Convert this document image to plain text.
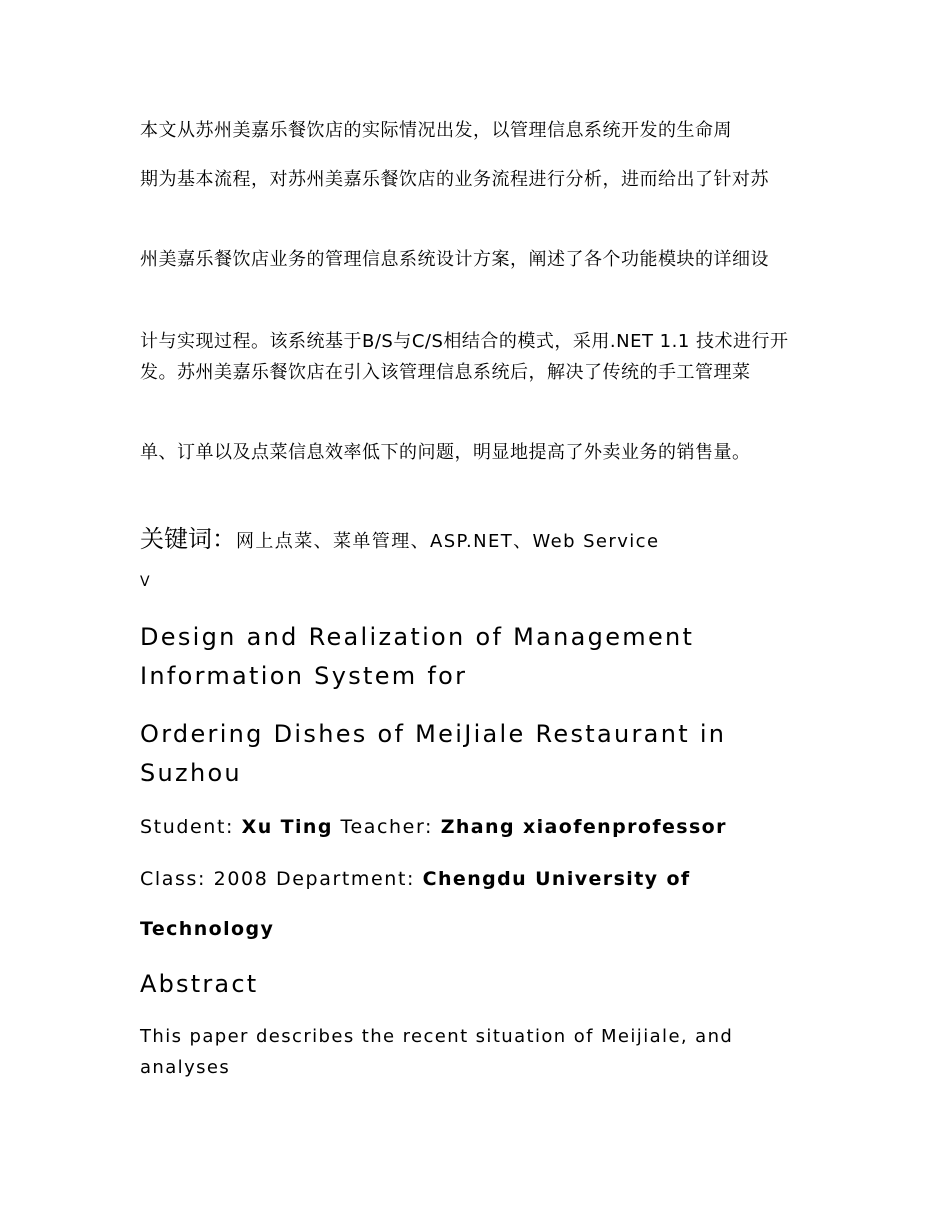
本文从苏州美嘉乐餐饮店的实际情况出发，以管理信息系统开发的生命周

期为基本流程，对苏州美嘉乐餐饮店的业务流程进行分析，进而给出了针对苏

州美嘉乐餐饮店业务的管理信息系统设计方案，阐述了各个功能模块的详细设

计与实现过程。该系统基于B/S与C/S相结合的模式，采用.NET 1.1 技术进行开发。苏州美嘉乐餐饮店在引入该管理信息系统后，解决了传统的手工管理菜

单、订单以及点菜信息效率低下的问题，明显地提高了外卖业务的销售量。

关键词：网上点菜、菜单管理、ASP.NET、Web Service

V

Design and Realization of Management Information System for
Ordering Dishes of MeiJiale Restaurant in Suzhou

Student: Xu Ting Teacher: Zhang xiaofenprofessor

Class: 2008 Department: Chengdu University of

Technology

Abstract

This paper describes the recent situation of Meijiale, and analyses
